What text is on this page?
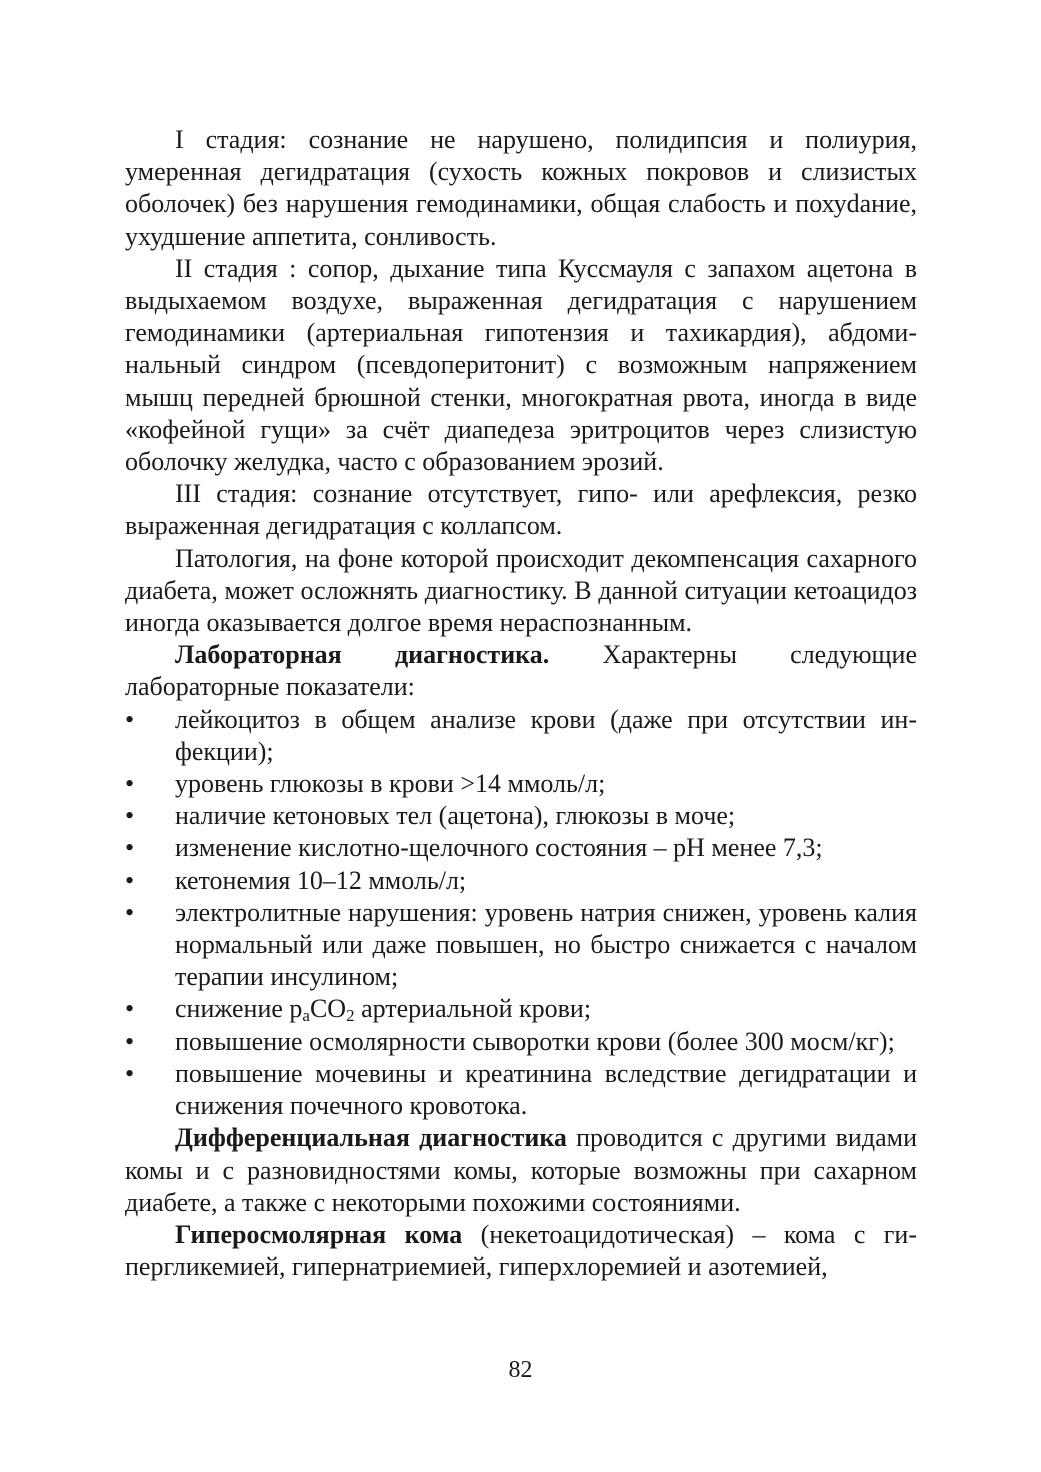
I стадия: сознание не нарушено, полидипсия и полиурия, умеренная дегидратация (сухость кожных покровов и слизистых оболочек) без нарушения гемодинамики, общая слабость и похуdание, ухудшение аппетита, сонливость.

II стадия : сопор, дыхание типа Куссмауля с запахом ацетона в выдыхаемом воздухе, выраженная дегидратация с нарушением гемодинамики (артериальная гипотензия и тахикардия), абдоминальный синдром (псевдоперитонит) с возможным напряжением мышц передней брюшной стенки, многократная рвота, иногда в виде «кофейной гущи» за счёт диапедеза эритроцитов через слизистую оболочку желудка, часто с образованием эрозий.

III стадия: сознание отсутствует, гипо- или арефлексия, резко выраженная дегидратация с коллапсом.

Патология, на фоне которой происходит декомпенсация сахарного диабета, может осложнять диагностику. В данной ситуации кетоацидоз иногда оказывается долгое время нераспознанным.

Лабораторная диагностика. Характерны следующие лабораторные показатели:

•	лейкоцитоз в общем анализе крови (даже при отсутствии инфекции);
•	уровень глюкозы в крови >14 ммоль/л;
•	наличие кетоновых тел (ацетона), глюкозы в моче;
•	изменение кислотно-щелочного состояния – pH менее 7,3;
•	кетонемия 10–12 ммоль/л;
•	электролитные нарушения: уровень натрия снижен, уровень калия нормальный или даже повышен, но быстро снижается с началом терапии инсулином;
•	снижение $p_aCO_2$ артериальной крови;
•	повышение осмолярности сыворотки крови (более 300 мосм/кг);
•	повышение мочевины и креатинина вследствие дегидратации и снижения почечного кровотока.

Дифференциальная диагностика проводится с другими видами комы и с разновидностями комы, которые возможны при сахарном диабете, а также с некоторыми похожими состояниями.

Гиперосмолярная кома (некетоацидотическая) – кома с гипергликемией, гипернатриемией, гиперхлоремией и азотемией,

82
